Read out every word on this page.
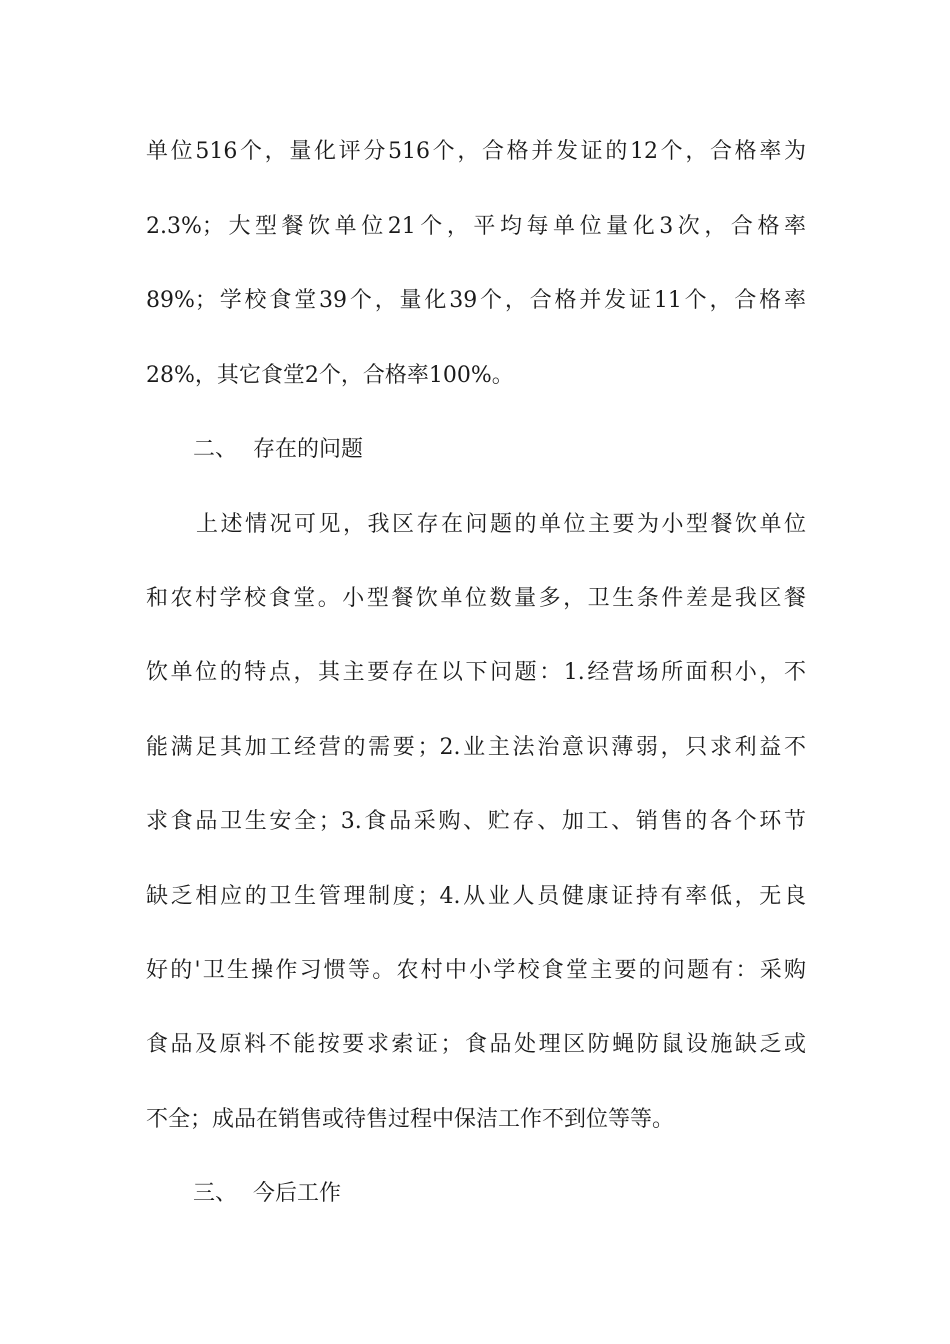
单位516个，量化评分516个，合格并发证的12个，合格率为
2.3%；大型餐饮单位21个，平均每单位量化3次，合格率
89%；学校食堂39个，量化39个，合格并发证11个，合格率
28%，其它食堂2个，合格率100%。
二、 存在的问题
上述情况可见，我区存在问题的单位主要为小型餐饮单位
和农村学校食堂。小型餐饮单位数量多，卫生条件差是我区餐
饮单位的特点，其主要存在以下问题：1.经营场所面积小，不
能满足其加工经营的需要；2.业主法治意识薄弱，只求利益不
求食品卫生安全；3.食品采购、贮存、加工、销售的各个环节
缺乏相应的卫生管理制度；4.从业人员健康证持有率低，无良
好的'卫生操作习惯等。农村中小学校食堂主要的问题有：采购
食品及原料不能按要求索证；食品处理区防蝇防鼠设施缺乏或
不全；成品在销售或待售过程中保洁工作不到位等等。
三、 今后工作
